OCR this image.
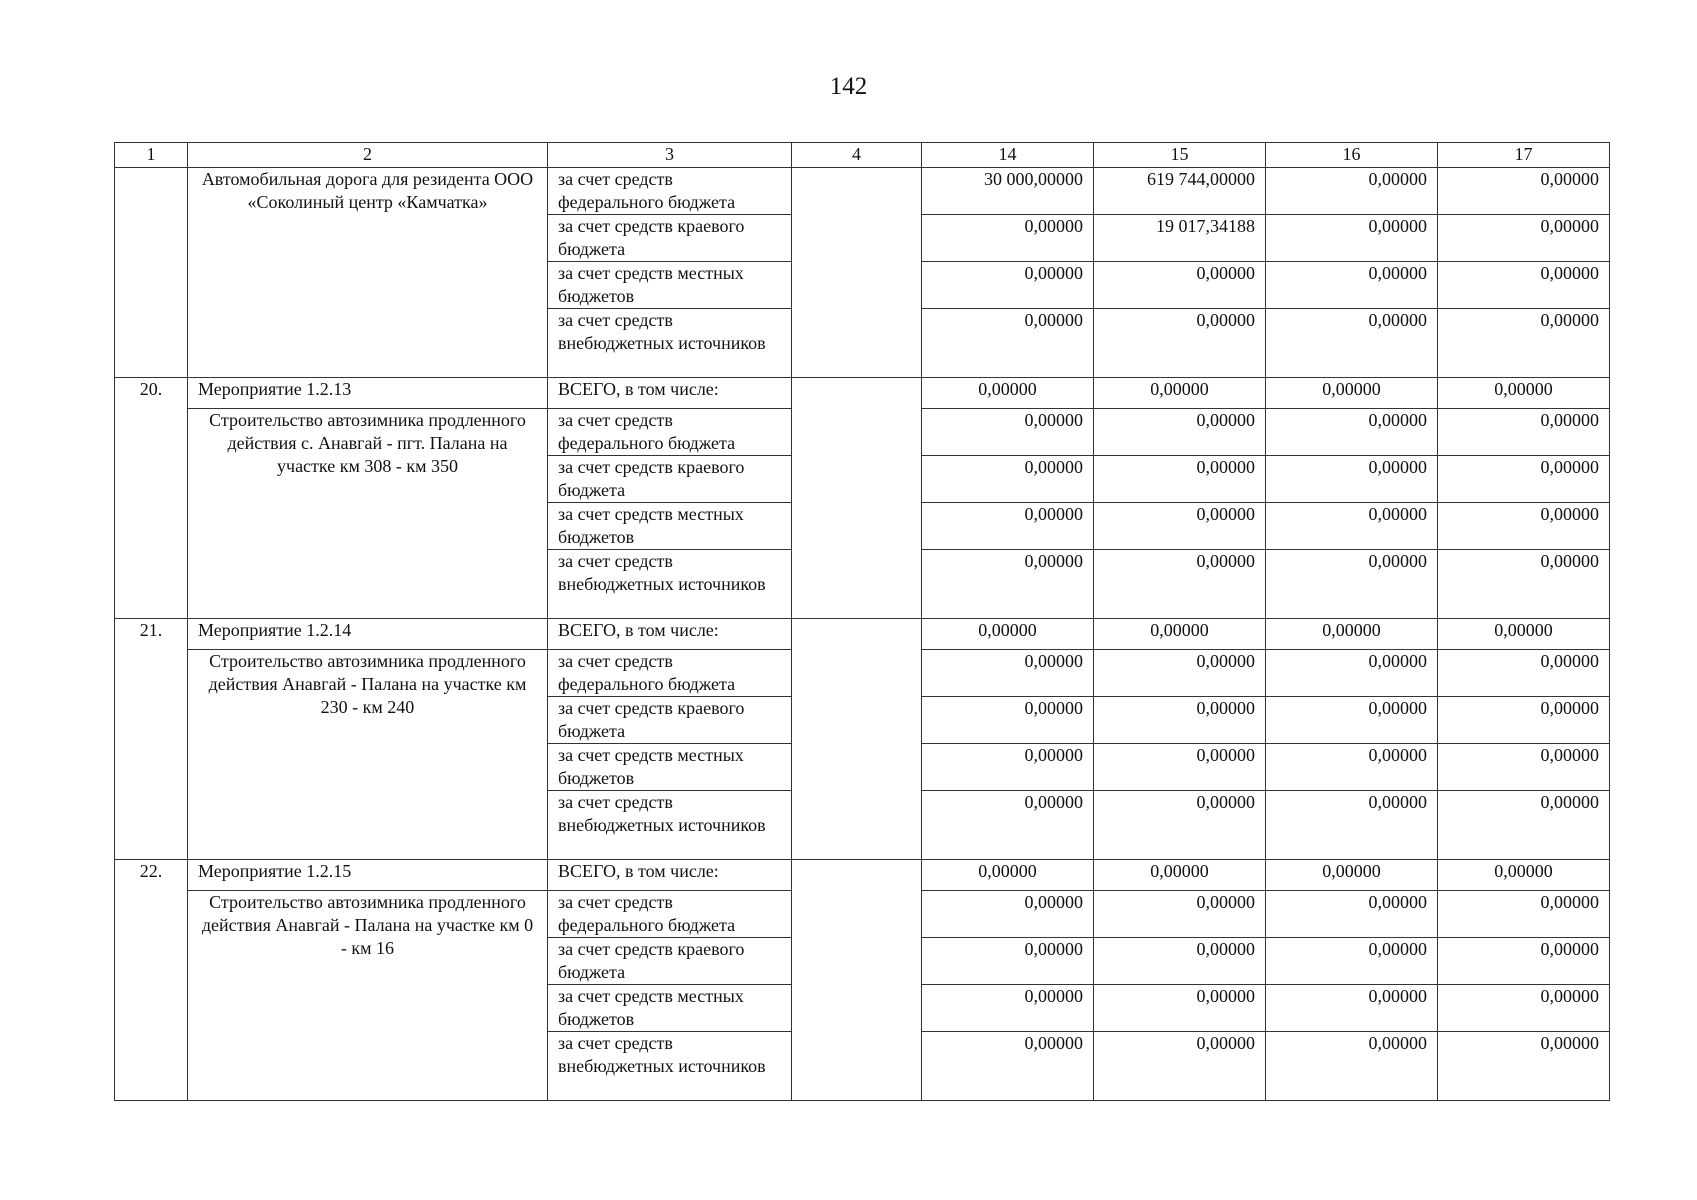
142
1	2	3	4	14	15	16	17
	Автомобильная дорога для резидента ООО «Соколиный центр «Камчатка»	за счет средств федерального бюджета		30 000,00000	619 744,00000	0,00000	0,00000
		за счет средств краевого бюджета		0,00000	19 017,34188	0,00000	0,00000
		за счет средств местных бюджетов		0,00000	0,00000	0,00000	0,00000
		за счет средств внебюджетных источников		0,00000	0,00000	0,00000	0,00000
20.	Мероприятие 1.2.13	ВСЕГО, в том числе:		0,00000	0,00000	0,00000	0,00000
	Строительство автозимника продленного действия с. Анавгай - пгт. Палана на участке км 308 - км 350	за счет средств федерального бюджета		0,00000	0,00000	0,00000	0,00000
		за счет средств краевого бюджета		0,00000	0,00000	0,00000	0,00000
		за счет средств местных бюджетов		0,00000	0,00000	0,00000	0,00000
		за счет средств внебюджетных источников		0,00000	0,00000	0,00000	0,00000
21.	Мероприятие 1.2.14	ВСЕГО, в том числе:		0,00000	0,00000	0,00000	0,00000
	Строительство автозимника продленного действия Анавгай - Палана на участке км 230 - км 240	за счет средств федерального бюджета		0,00000	0,00000	0,00000	0,00000
		за счет средств краевого бюджета		0,00000	0,00000	0,00000	0,00000
		за счет средств местных бюджетов		0,00000	0,00000	0,00000	0,00000
		за счет средств внебюджетных источников		0,00000	0,00000	0,00000	0,00000
22.	Мероприятие 1.2.15	ВСЕГО, в том числе:		0,00000	0,00000	0,00000	0,00000
	Строительство автозимника продленного действия Анавгай - Палана на участке км 0 - км 16	за счет средств федерального бюджета		0,00000	0,00000	0,00000	0,00000
		за счет средств краевого бюджета		0,00000	0,00000	0,00000	0,00000
		за счет средств местных бюджетов		0,00000	0,00000	0,00000	0,00000
		за счет средств внебюджетных источников		0,00000	0,00000	0,00000	0,00000
